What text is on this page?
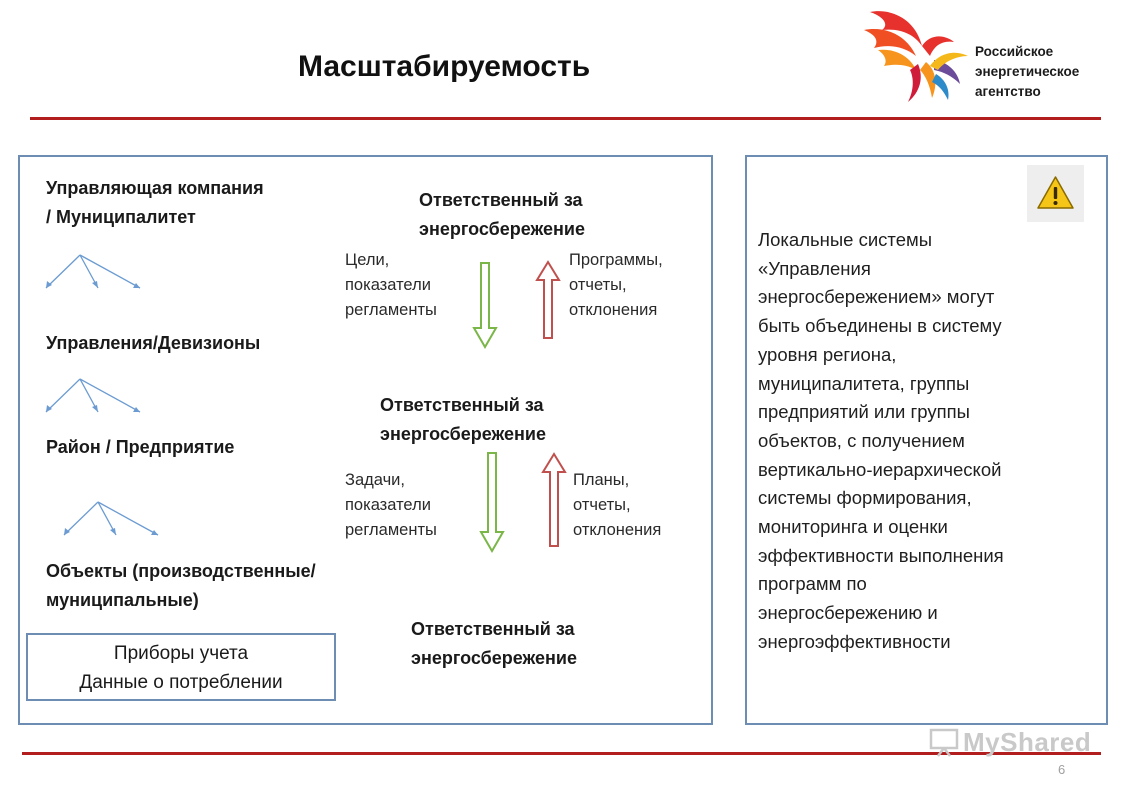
Масштабируемость	Российское
энергетическое
агентство
Управляющая компания
/ Муниципалитет
Управления/Девизионы
Район / Предприятие
Объекты (производственные/
муниципальные)
Приборы учета
Данные о потреблении
Ответственный за
энергосбережение
Цели,
показатели
регламенты
Программы,
отчеты,
отклонения
Ответственный за
энергосбережение
Задачи,
показатели
регламенты
Планы,
отчеты,
отклонения
Ответственный за
энергосбережение
Локальные системы
«Управления
энергосбережением» могут
быть объединены в систему
уровня региона,
муниципалитета, группы
предприятий или группы
объектов, с получением
вертикально-иерархической
системы формирования,
мониторинга и оценки
эффективности выполнения
программ по
энергосбережению и
энергоэффективности
MyShared
6
